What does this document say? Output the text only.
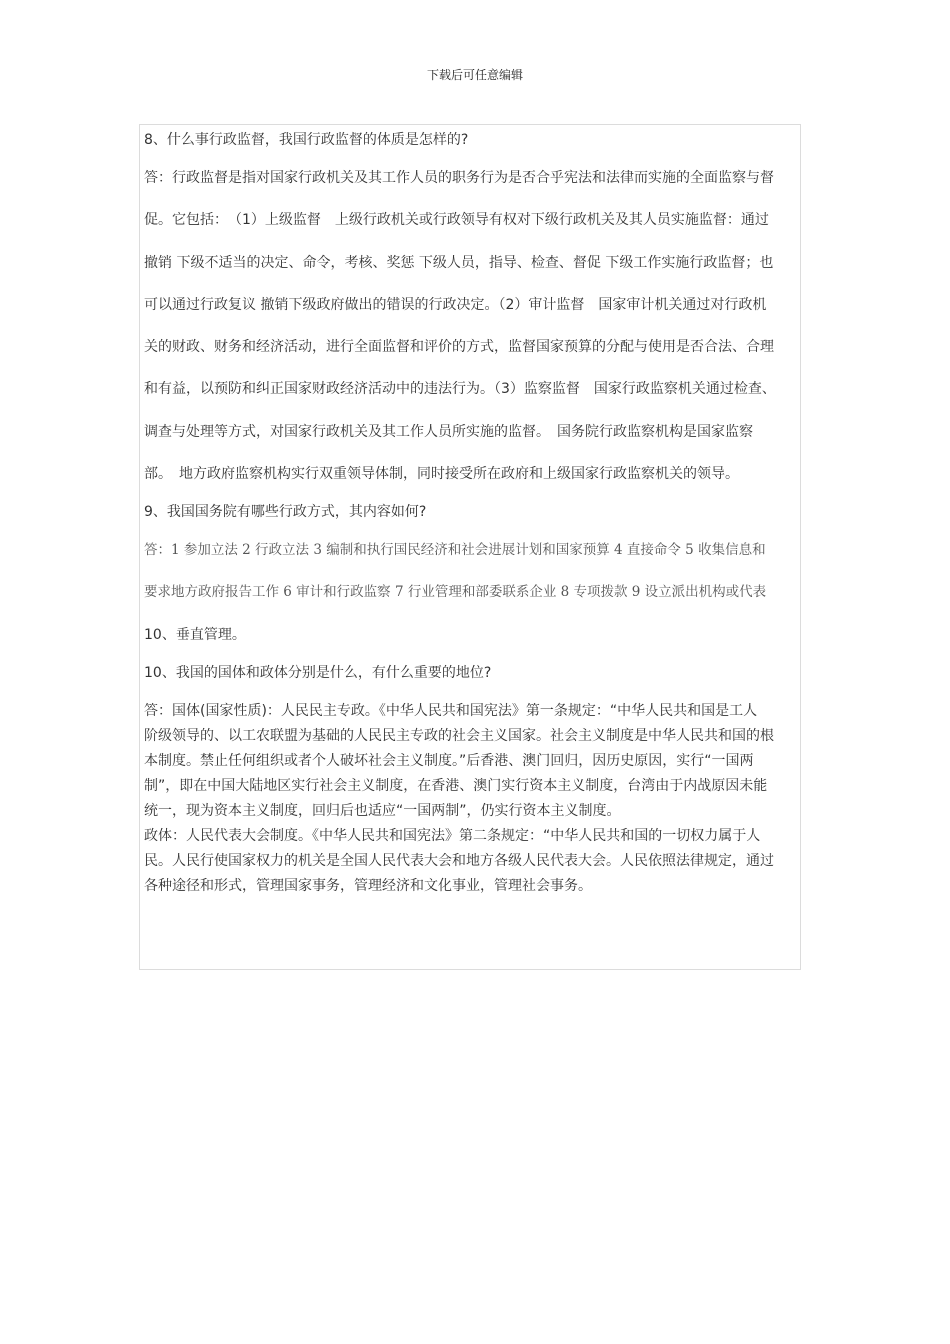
下载后可任意编辑
8、什么事行政监督，我国行政监督的体质是怎样的?
答：行政监督是指对国家行政机关及其工作人员的职务行为是否合乎宪法和法律而实施的全面监察与督
促。它包括：　（1）上级监督　上级行政机关或行政领导有权对下级行政机关及其人员实施监督：通过
撤销 下级不适当的决定、命令，考核、奖惩 下级人员，指导、检查、督促 下级工作实施行政监督；也
可以通过行政复议 撤销下级政府做出的错误的行政决定。（2）审计监督　国家审计机关通过对行政机
关的财政、财务和经济活动，进行全面监督和评价的方式，监督国家预算的分配与使用是否合法、合理
和有益，以预防和纠正国家财政经济活动中的违法行为。（3）监察监督　国家行政监察机关通过检查、
调查与处理等方式，对国家行政机关及其工作人员所实施的监督。　国务院行政监察机构是国家监察
部。　地方政府监察机构实行双重领导体制，同时接受所在政府和上级国家行政监察机关的领导。
9、我国国务院有哪些行政方式，其内容如何?
答：1 参加立法 2 行政立法 3 编制和执行国民经济和社会进展计划和国家预算 4 直接命令 5 收集信息和
要求地方政府报告工作 6 审计和行政监察 7 行业管理和部委联系企业 8 专项拨款 9 设立派出机构或代表
10、垂直管理。
10、我国的国体和政体分别是什么，有什么重要的地位?
答：国体(国家性质)：人民民主专政。《中华人民共和国宪法》第一条规定：“中华人民共和国是工人
阶级领导的、以工农联盟为基础的人民民主专政的社会主义国家。社会主义制度是中华人民共和国的根
本制度。禁止任何组织或者个人破坏社会主义制度。”后香港、澳门回归，因历史原因，实行“一国两
制”，即在中国大陆地区实行社会主义制度，在香港、澳门实行资本主义制度，台湾由于内战原因未能
统一，现为资本主义制度，回归后也适应“一国两制”，仍实行资本主义制度。
政体：人民代表大会制度。《中华人民共和国宪法》第二条规定：“中华人民共和国的一切权力属于人
民。人民行使国家权力的机关是全国人民代表大会和地方各级人民代表大会。人民依照法律规定，通过
各种途径和形式，管理国家事务，管理经济和文化事业，管理社会事务。
